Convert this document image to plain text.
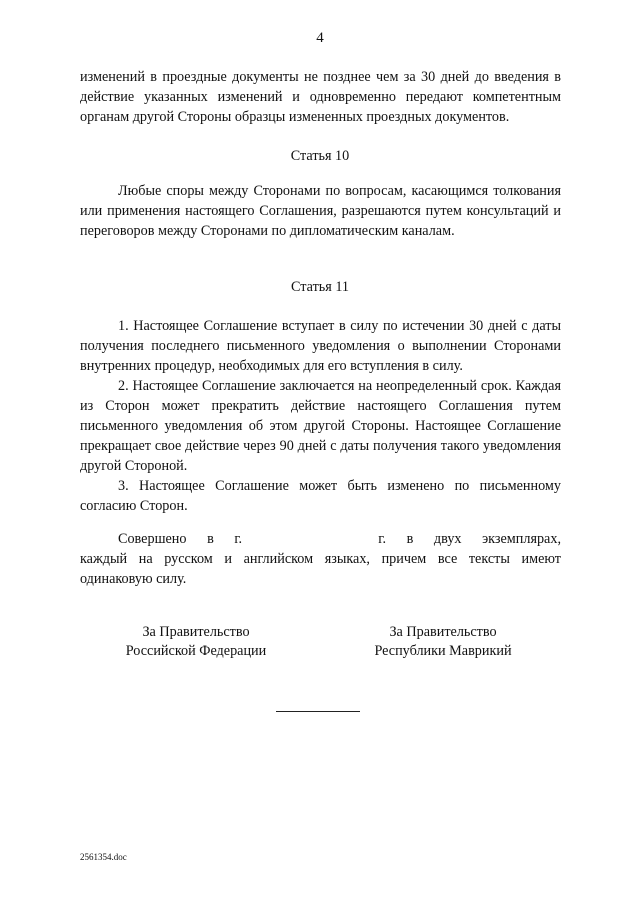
4

изменений в проездные документы не позднее чем за 30 дней до введения в действие указанных изменений и одновременно передают компетентным органам другой Стороны образцы измененных проездных документов.

Статья 10

Любые споры между Сторонами по вопросам, касающимся толкования или применения настоящего Соглашения, разрешаются путем консультаций и переговоров между Сторонами по дипломатическим каналам.

Статья 11

1. Настоящее Соглашение вступает в силу по истечении 30 дней с даты получения последнего письменного уведомления о выполнении Сторонами внутренних процедур, необходимых для его вступления в силу.

2. Настоящее Соглашение заключается на неопределенный срок. Каждая из Сторон может прекратить действие настоящего Соглашения путем письменного уведомления об этом другой Стороны. Настоящее Соглашение прекращает свое действие через 90 дней с даты получения такого уведомления другой Стороной.

3. Настоящее Соглашение может быть изменено по письменному согласию Сторон.

Совершено в г.	г. в двух экземплярах,

каждый на русском и английском языках, причем все тексты имеют одинаковую силу.

За Правительство
Российской Федерации
За Правительство
Республики Маврикий
2561354.doc
